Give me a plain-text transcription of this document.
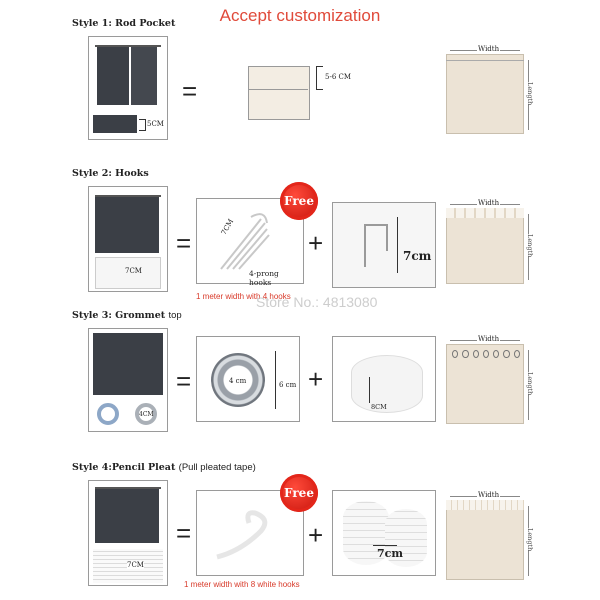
Accept customization
Style 1: Rod Pocket
5CM
=	5-6 CM
Width
Length
Style 2: Hooks
7CM
=
7CM
4-prong hooks
Free
1 meter width with 4 hooks
+	7cm
Store No.: 4813080
Width
Length
Style 3: Grommet top
4CM
=	4 cm	6 cm +
8CM
Width
Length
Style 4:Pencil Pleat (Pull pleated tape)
7CM
=
Free
1 meter width with 8 white hooks
+
7cm
Width
Length
